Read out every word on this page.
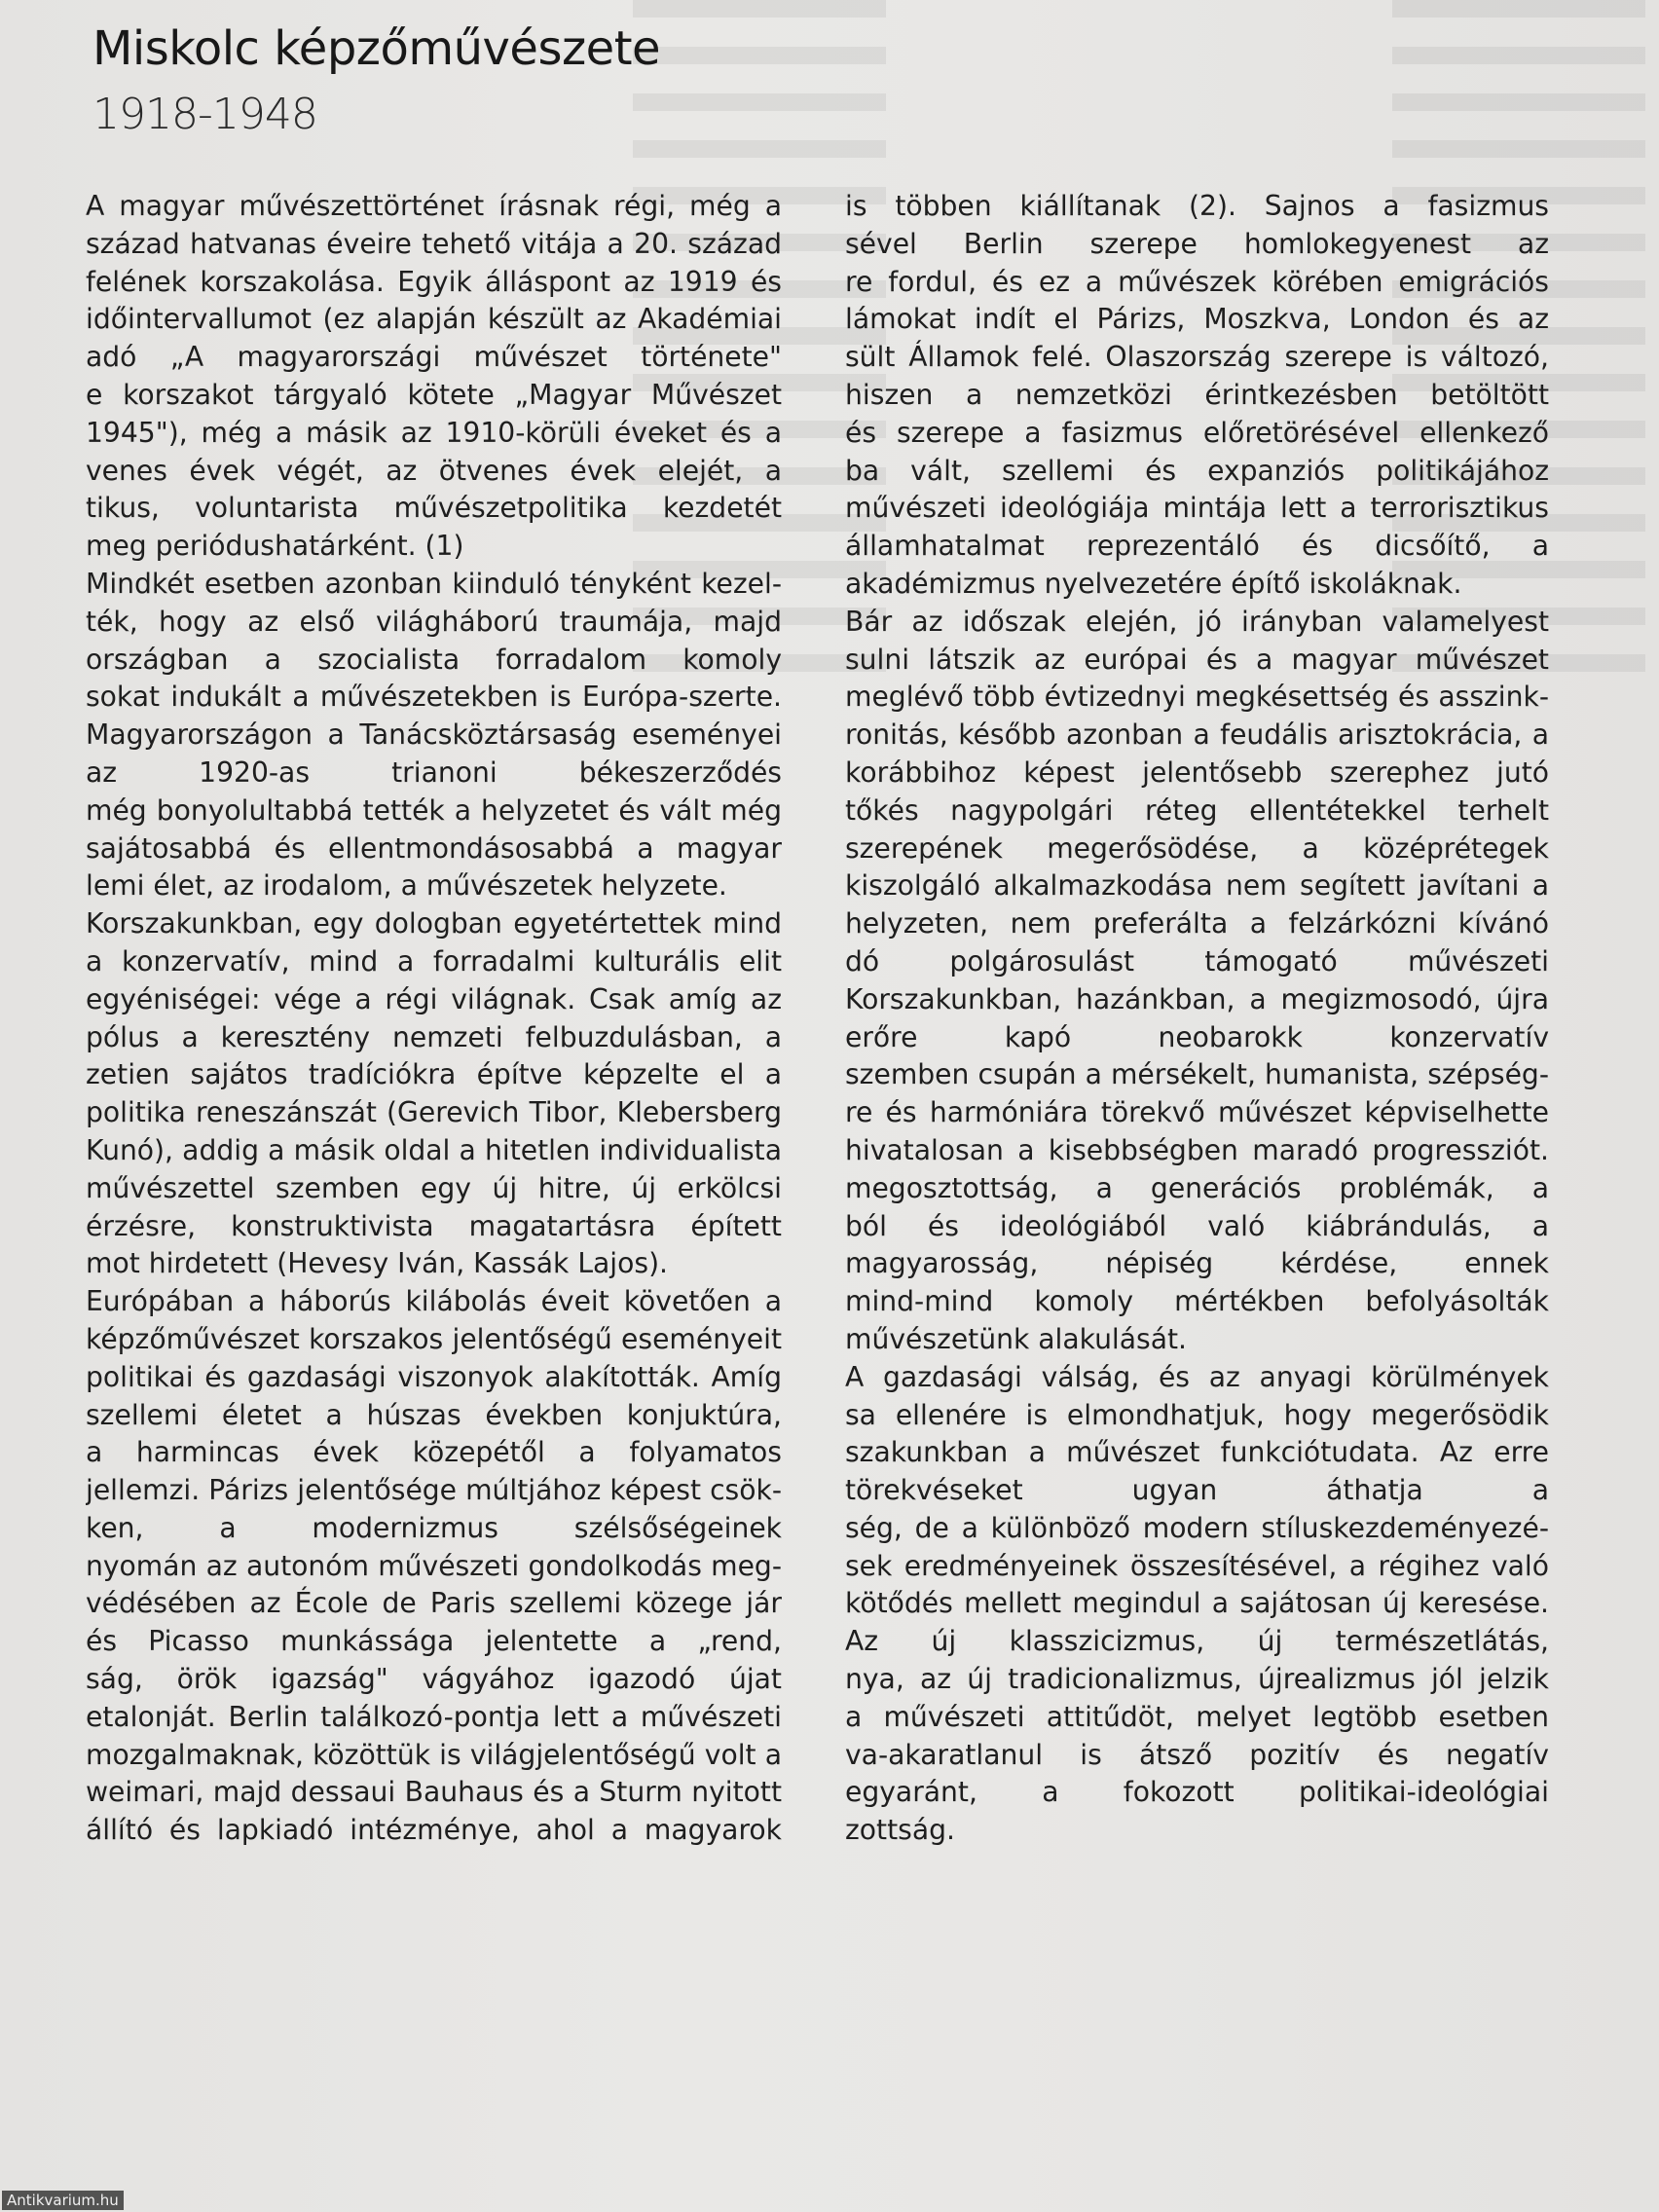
Miskolc képzőművészete
1918-1948
A magyar művészettörténet írásnak régi, még a
század hatvanas éveire tehető vitája a 20. század
felének korszakolása. Egyik álláspont az 1919 és
időintervallumot (ez alapján készült az Akadémiai
adó „A magyarországi művészet története"
e korszakot tárgyaló kötete „Magyar Művészet
1945"), még a másik az 1910-körüli éveket és a
venes évek végét, az ötvenes évek elejét, a
tikus, voluntarista művészetpolitika kezdetét
meg periódushatárként. (1)
Mindkét esetben azonban kiinduló tényként kezel-
ték, hogy az első világháború traumája, majd
országban a szocialista forradalom komoly
sokat indukált a művészetekben is Európa-szerte.
Magyarországon a Tanácsköztársaság eseményei
az 1920-as trianoni békeszerződés
még bonyolultabbá tették a helyzetet és vált még
sajátosabbá és ellentmondásosabbá a magyar
lemi élet, az irodalom, a művészetek helyzete.
Korszakunkban, egy dologban egyetértettek mind
a konzervatív, mind a forradalmi kulturális elit
egyéniségei: vége a régi világnak. Csak amíg az
pólus a keresztény nemzeti felbuzdulásban, a
zetien sajátos tradíciókra építve képzelte el a
politika reneszánszát (Gerevich Tibor, Klebersberg
Kunó), addig a másik oldal a hitetlen individualista
művészettel szemben egy új hitre, új erkölcsi
érzésre, konstruktivista magatartásra épített
mot hirdetett (Hevesy Iván, Kassák Lajos).
Európában a háborús kilábolás éveit követően a
képzőművészet korszakos jelentőségű eseményeit
politikai és gazdasági viszonyok alakították. Amíg
szellemi életet a húszas években konjuktúra,
a harmincas évek közepétől a folyamatos
jellemzi. Párizs jelentősége múltjához képest csök-
ken, a modernizmus szélsőségeinek
nyomán az autonóm művészeti gondolkodás meg-
védésében az École de Paris szellemi közege jár
és Picasso munkássága jelentette a „rend,
ság, örök igazság" vágyához igazodó újat
etalonját. Berlin találkozó-pontja lett a művészeti
mozgalmaknak, közöttük is világjelentőségű volt a
weimari, majd dessaui Bauhaus és a Sturm nyitott
állító és lapkiadó intézménye, ahol a magyarok
is többen kiállítanak (2). Sajnos a fasizmus
sével Berlin szerepe homlokegyenest az
re fordul, és ez a művészek körében emigrációs
lámokat indít el Párizs, Moszkva, London és az
sült Államok felé. Olaszország szerepe is változó,
hiszen a nemzetközi érintkezésben betöltött
és szerepe a fasizmus előretörésével ellenkező
ba vált, szellemi és expanziós politikájához
művészeti ideológiája mintája lett a terrorisztikus
államhatalmat reprezentáló és dicsőítő, a
akadémizmus nyelvezetére építő iskoláknak.
Bár az időszak elején, jó irányban valamelyest
sulni látszik az európai és a magyar művészet
meglévő több évtizednyi megkésettség és asszink-
ronitás, később azonban a feudális arisztokrácia, a
korábbihoz képest jelentősebb szerephez jutó
tőkés nagypolgári réteg ellentétekkel terhelt
szerepének megerősödése, a középrétegek
kiszolgáló alkalmazkodása nem segített javítani a
helyzeten, nem preferálta a felzárkózni kívánó
dó polgárosulást támogató művészeti
Korszakunkban, hazánkban, a megizmosodó, újra
erőre kapó neobarokk konzervatív
szemben csupán a mérsékelt, humanista, szépség-
re és harmóniára törekvő művészet képviselhette
hivatalosan a kisebbségben maradó progressziót.
megosztottság, a generációs problémák, a
ból és ideológiából való kiábrándulás, a
magyarosság, népiség kérdése, ennek
mind-mind komoly mértékben befolyásolták
művészetünk alakulását.
A gazdasági válság, és az anyagi körülmények
sa ellenére is elmondhatjuk, hogy megerősödik
szakunkban a művészet funkciótudata. Az erre
törekvéseket ugyan áthatja a
ség, de a különböző modern stíluskezdeményezé-
sek eredményeinek összesítésével, a régihez való
kötődés mellett megindul a sajátosan új keresése.
Az új klasszicizmus, új természetlátás,
nya, az új tradicionalizmus, újrealizmus jól jelzik
a művészeti attitűdöt, melyet legtöbb esetben
va-akaratlanul is átsző pozitív és negatív
egyaránt, a fokozott politikai-ideológiai
zottság.
Antikvarium.hu
